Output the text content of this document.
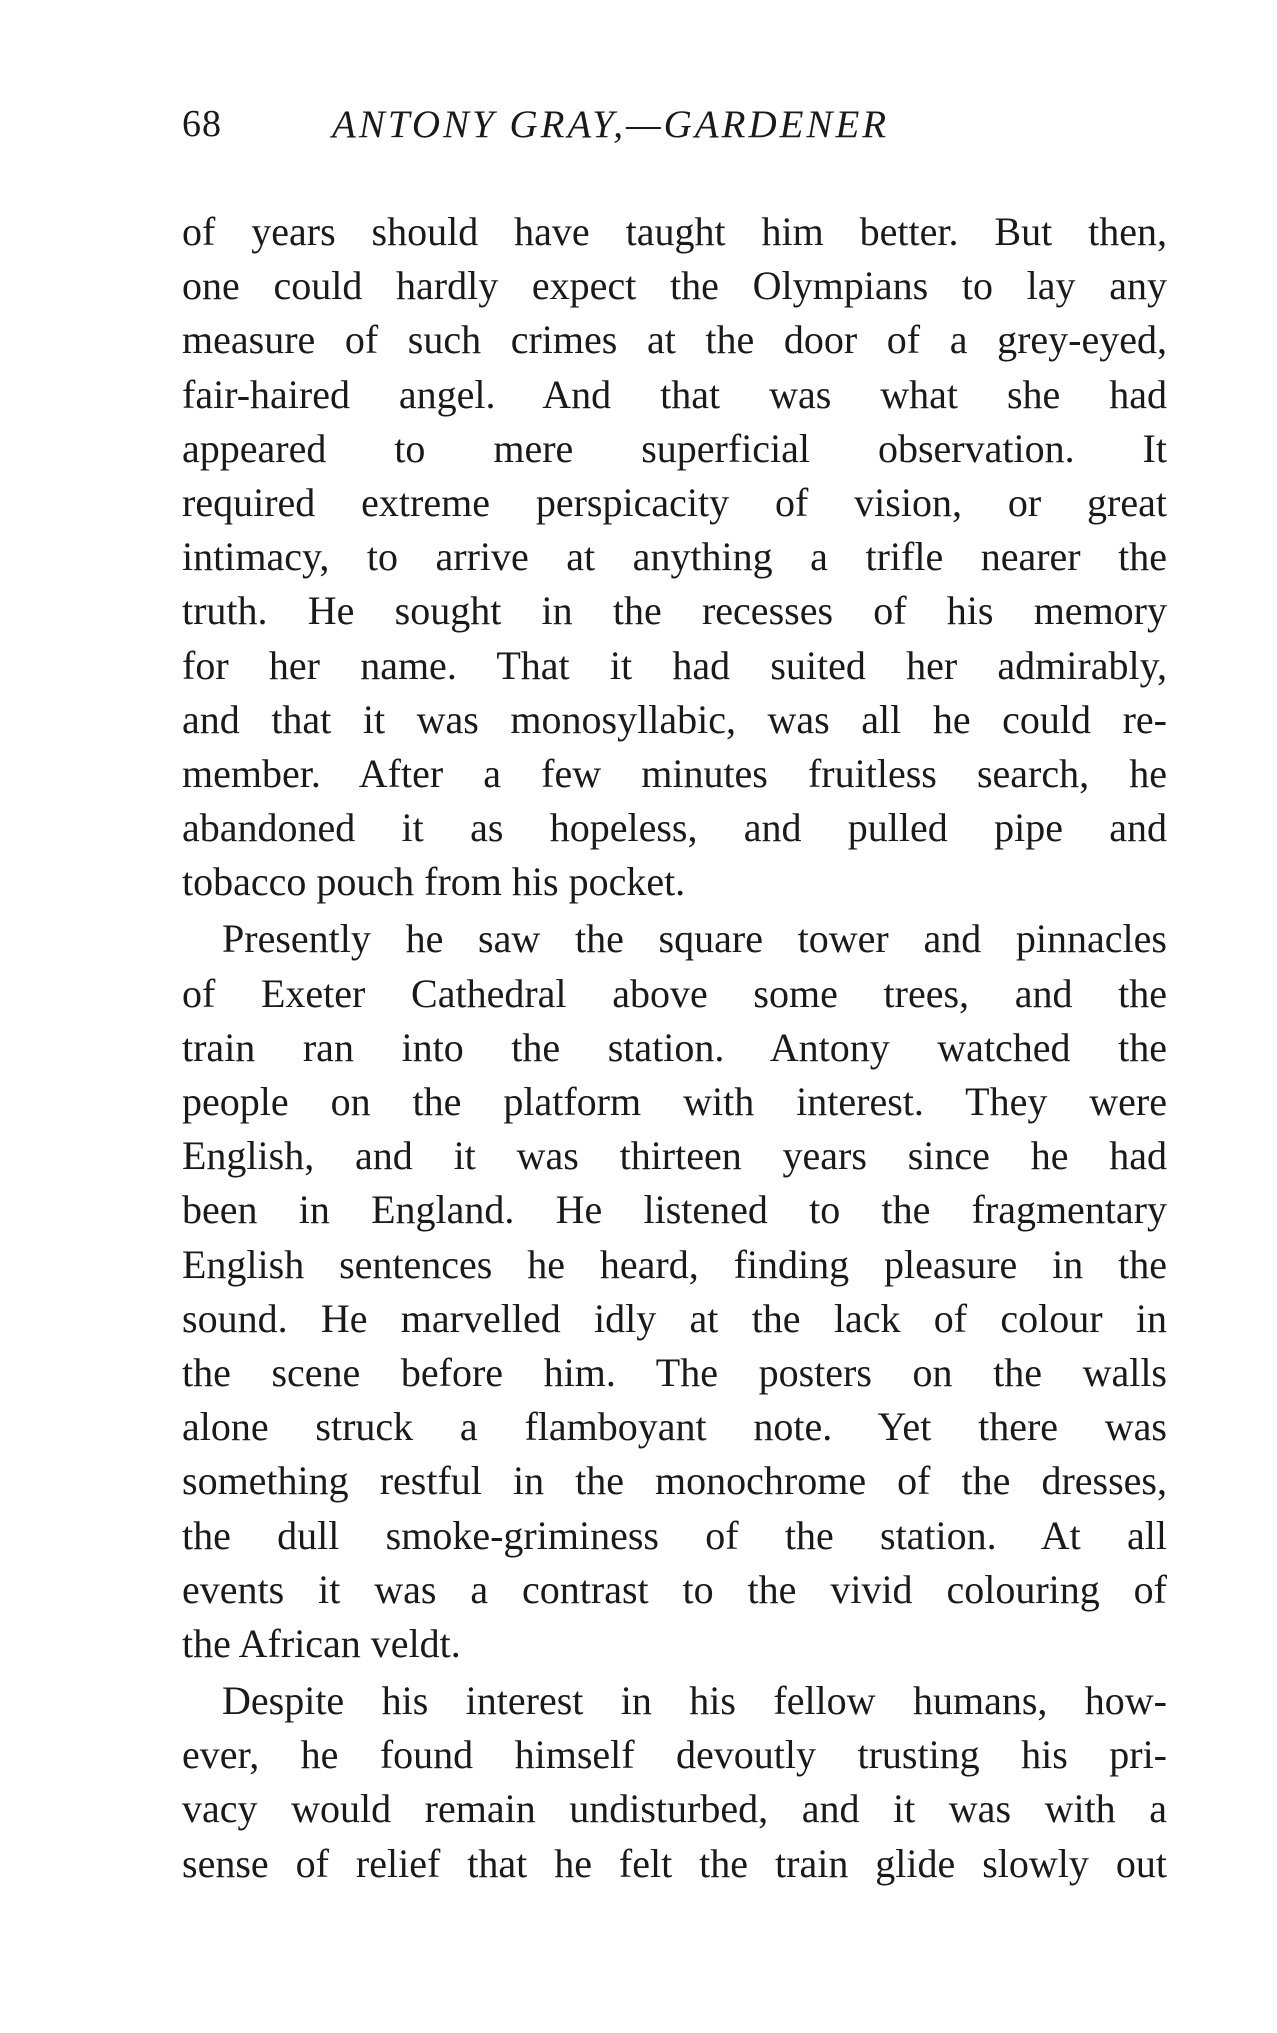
68	ANTONY GRAY,—GARDENER
of years should have taught him better. But then,
one could hardly expect the Olympians to lay any
measure of such crimes at the door of a grey-eyed,
fair-haired angel. And that was what she had
appeared to mere superficial observation. It
required extreme perspicacity of vision, or great
intimacy, to arrive at anything a trifle nearer the
truth. He sought in the recesses of his memory
for her name. That it had suited her admirably,
and that it was monosyllabic, was all he could re-
member. After a few minutes fruitless search, he
abandoned it as hopeless, and pulled pipe and
tobacco pouch from his pocket.
Presently he saw the square tower and pinnacles
of Exeter Cathedral above some trees, and the
train ran into the station. Antony watched the
people on the platform with interest. They were
English, and it was thirteen years since he had
been in England. He listened to the fragmentary
English sentences he heard, finding pleasure in the
sound. He marvelled idly at the lack of colour in
the scene before him. The posters on the walls
alone struck a flamboyant note. Yet there was
something restful in the monochrome of the dresses,
the dull smoke-griminess of the station. At all
events it was a contrast to the vivid colouring of
the African veldt.
Despite his interest in his fellow humans, how-
ever, he found himself devoutly trusting his pri-
vacy would remain undisturbed, and it was with a
sense of relief that he felt the train glide slowly out
